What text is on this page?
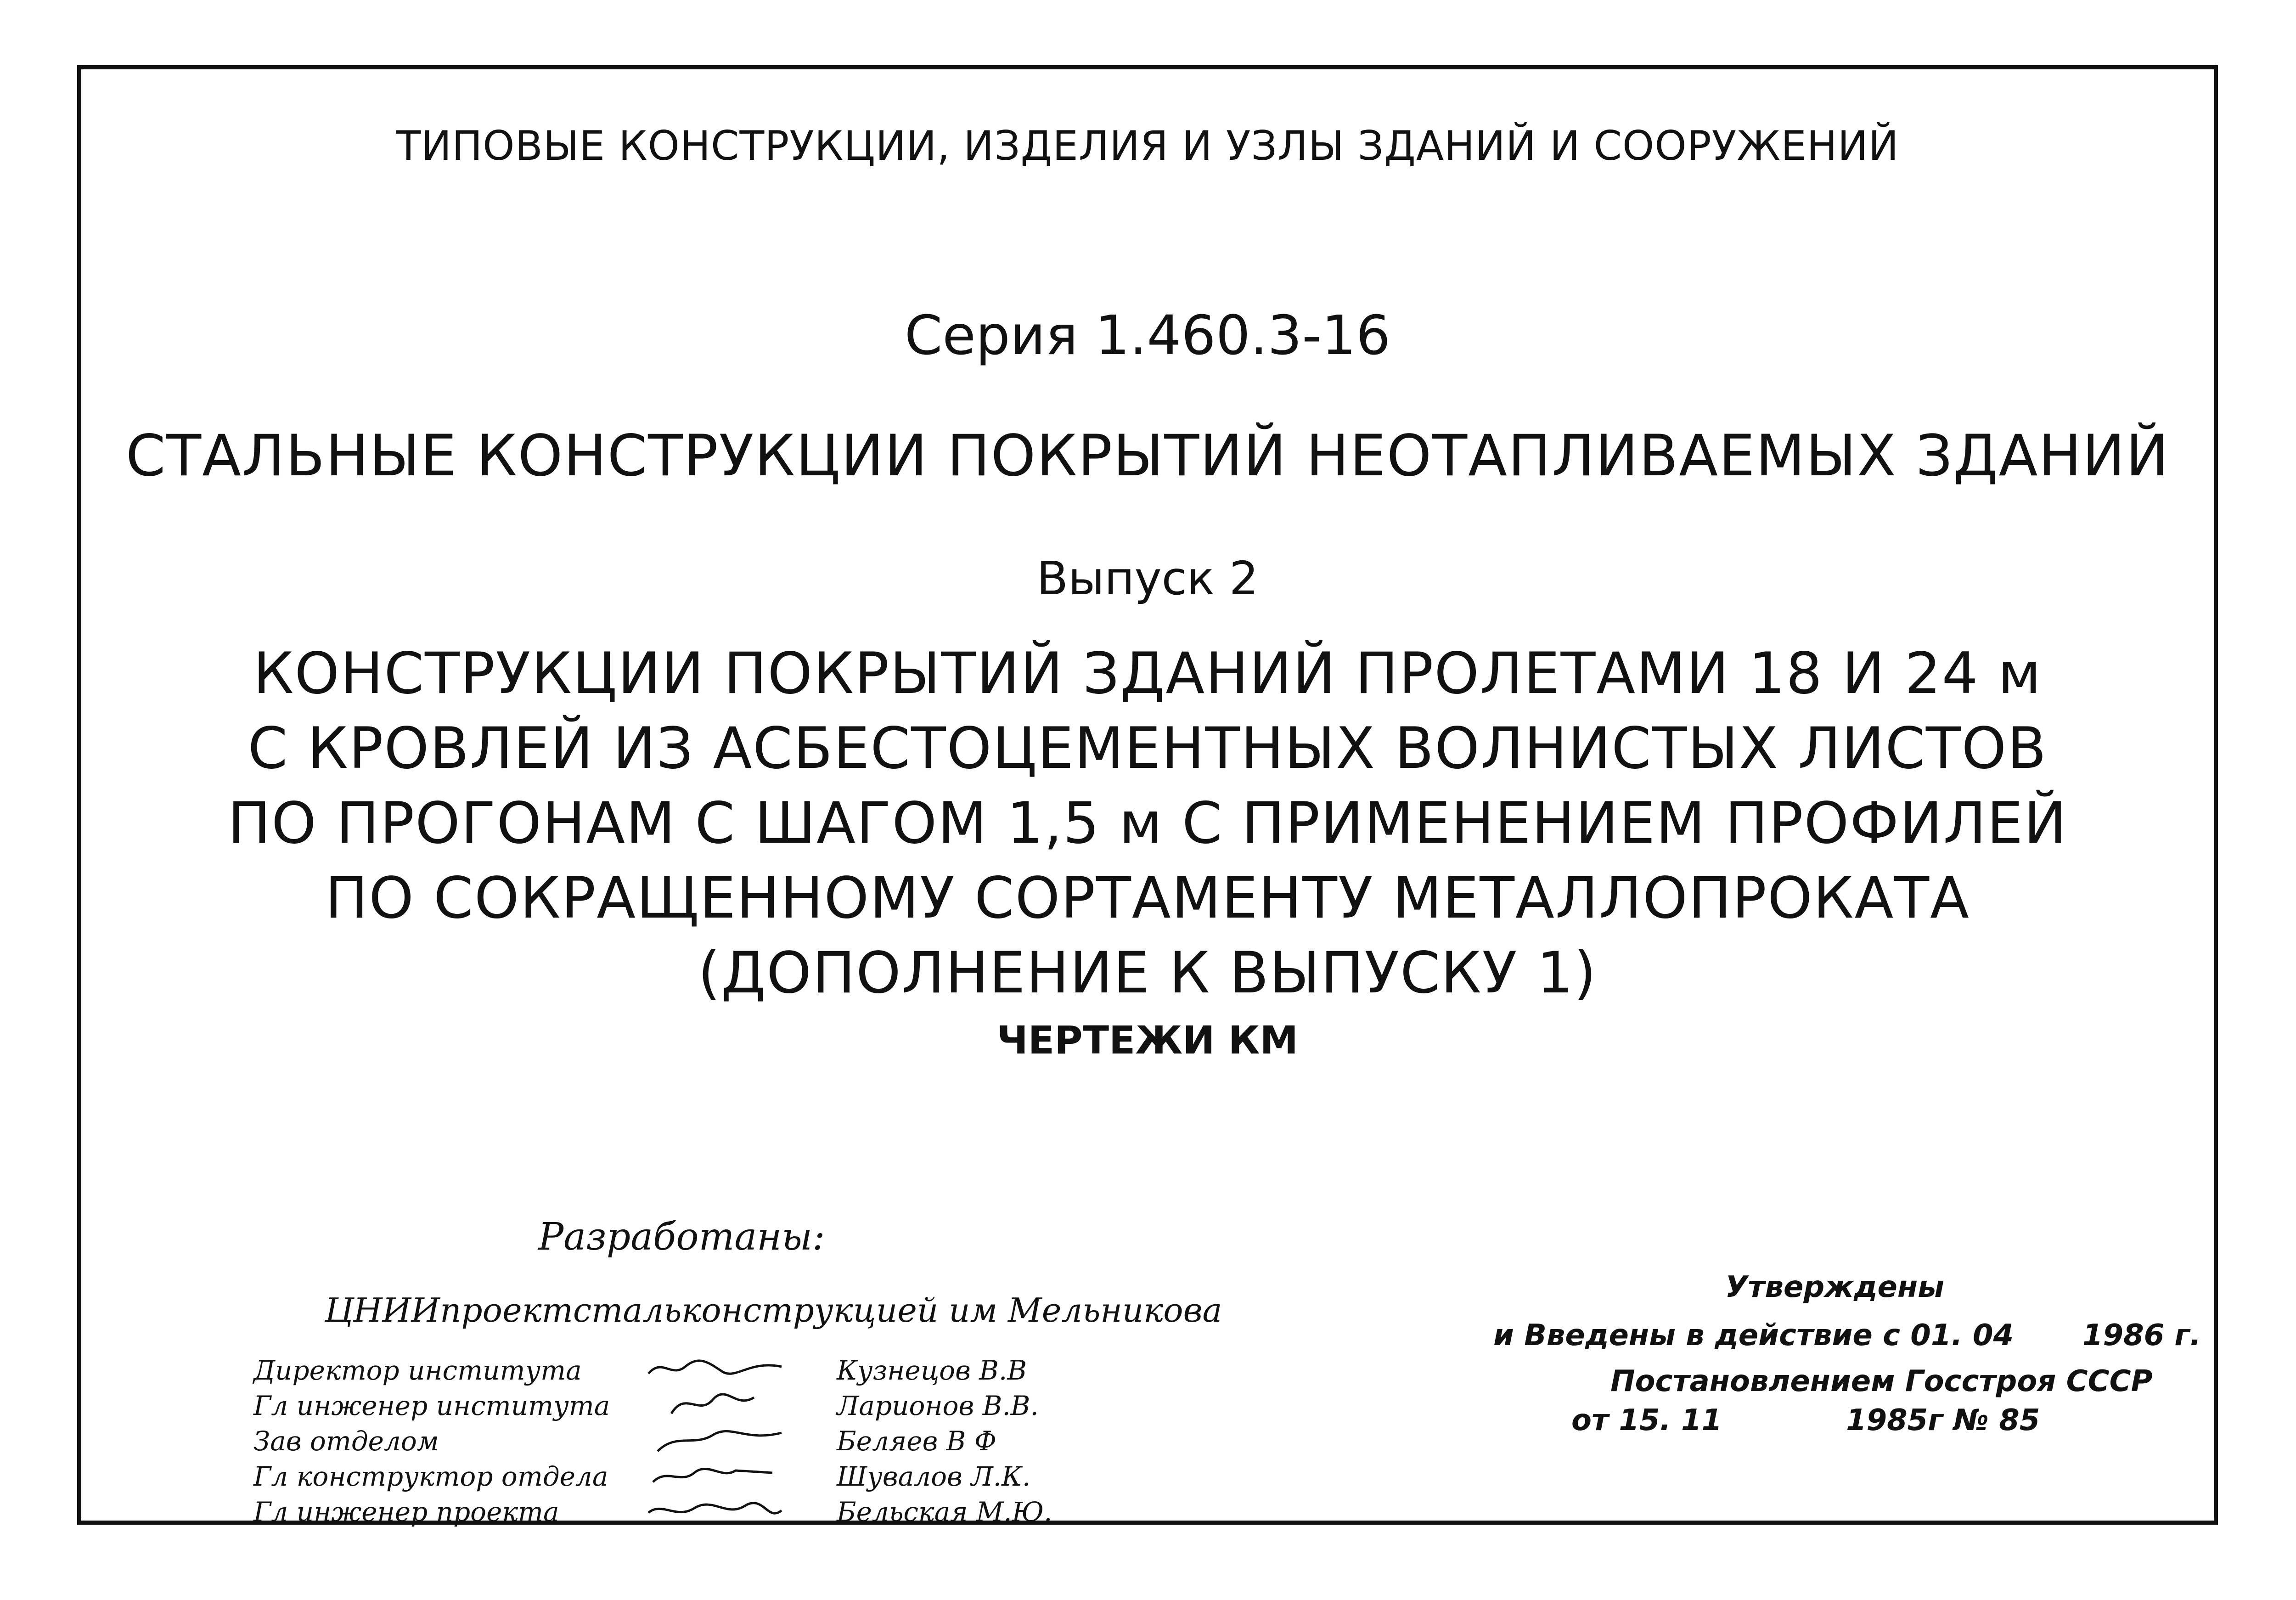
ТИПОВЫЕ КОНСТРУКЦИИ, ИЗДЕЛИЯ И УЗЛЫ ЗДАНИЙ И СООРУЖЕНИЙ
Серия 1.460.3-16
СТАЛЬНЫЕ КОНСТРУКЦИИ ПОКРЫТИЙ НЕОТАПЛИВАЕМЫХ ЗДАНИЙ
Выпуск 2
КОНСТРУКЦИИ ПОКРЫТИЙ ЗДАНИЙ ПРОЛЕТАМИ 18 И 24 м
С КРОВЛЕЙ ИЗ АСБЕСТОЦЕМЕНТНЫХ ВОЛНИСТЫХ ЛИСТОВ
ПО ПРОГОНАМ С ШАГОМ 1,5 м С ПРИМЕНЕНИЕМ ПРОФИЛЕЙ
ПО СОКРАЩЕННОМУ СОРТАМЕНТУ МЕТАЛЛОПРОКАТА
(ДОПОЛНЕНИЕ К ВЫПУСКУ 1)
ЧЕРТЕЖИ КМ
Разработаны:
ЦНИИпроектстальконструкцией им Мельникова
Директор института	Кузнецов В.В
Гл инженер института	Ларионов В.В.
Зав отделом	Беляев В Ф
Гл конструктор отдела	Шувалов Л.К.
Гл инженер проекта	Бельская М.Ю.
Утверждены
и Введены в действие с 01. 04 1986 г.
Постановлением Госстроя СССР
от 15. 11	1985г № 85
